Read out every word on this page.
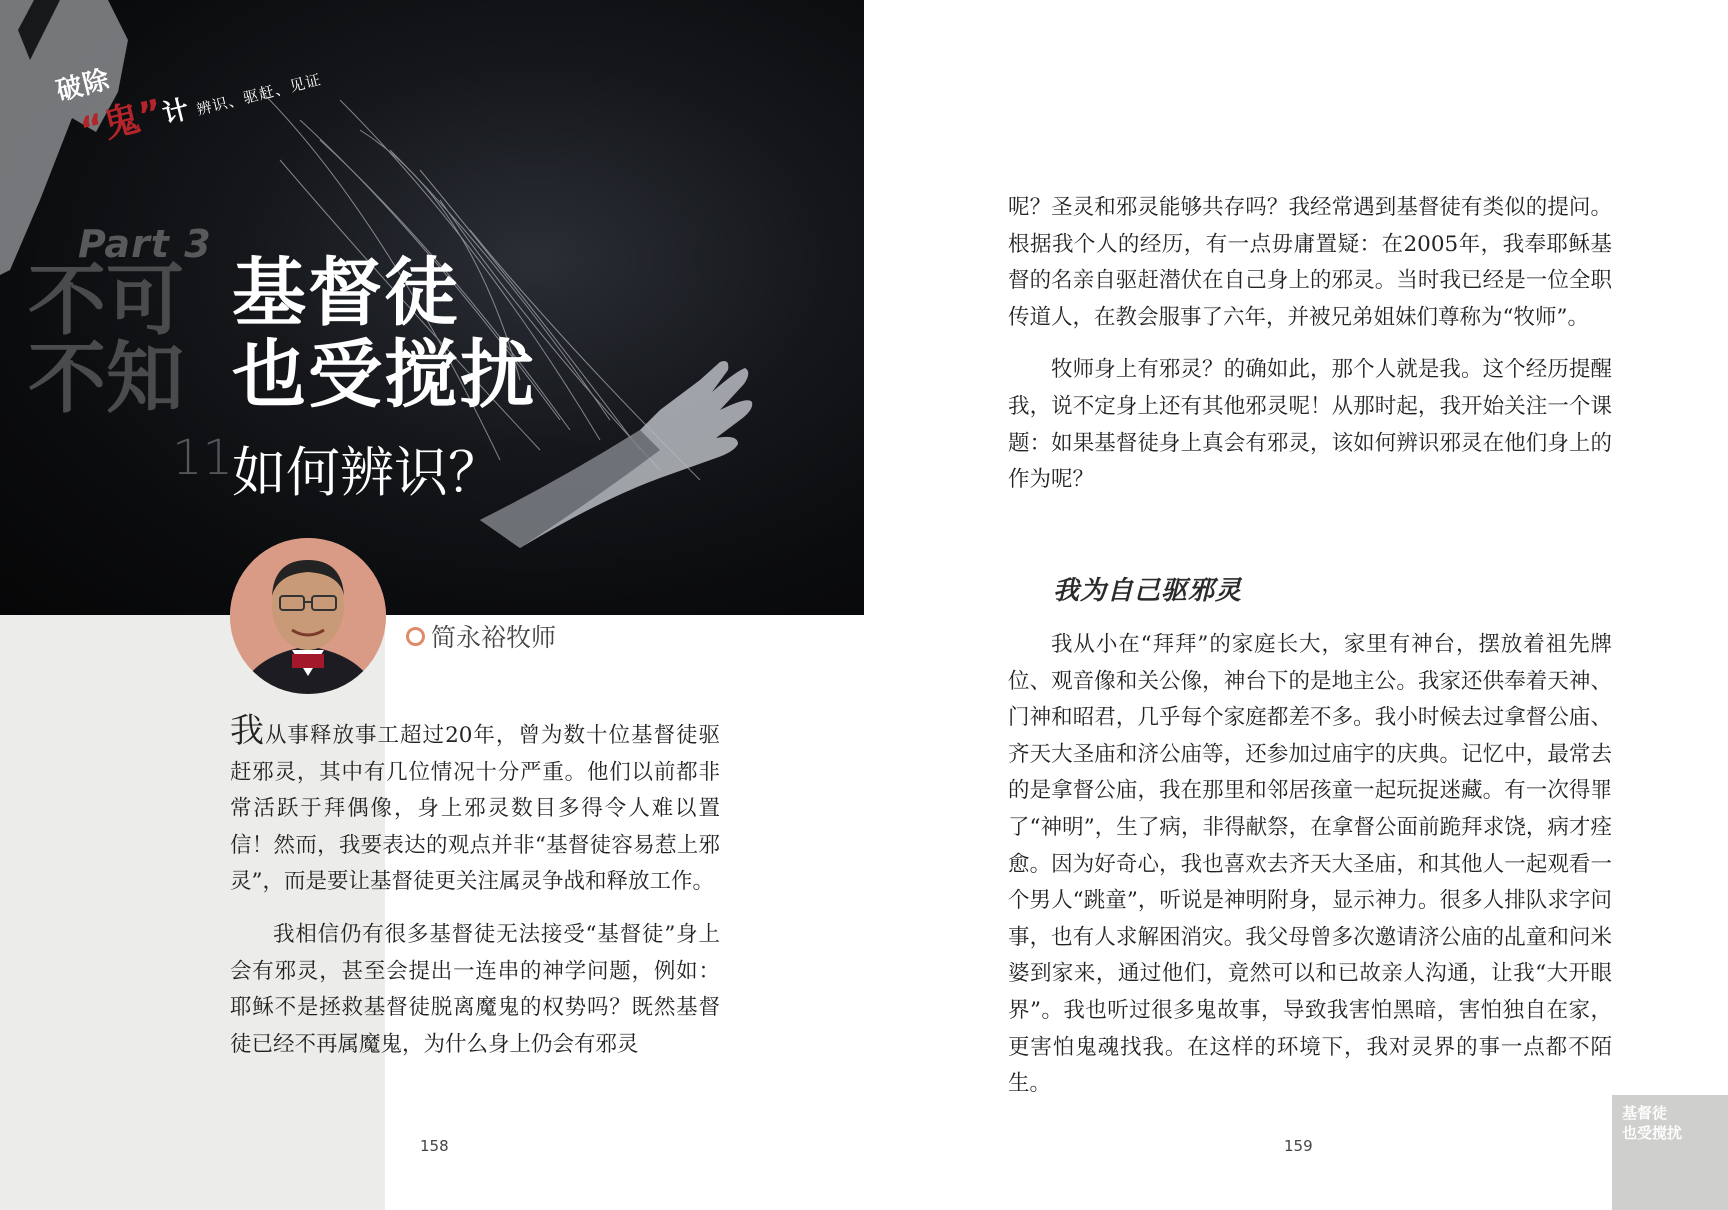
破除
“鬼”计 辨识、驱赶、见证
Part 3
不可不知
11
基督徒
也受搅扰
如何辨识？
简永裕牧师

我从事释放事工超过20年，曾为数十位基督徒驱赶邪灵，其中有几位情况十分严重。他们以前都非常活跃于拜偶像，身上邪灵数目多得令人难以置信！然而，我要表达的观点并非“基督徒容易惹上邪灵”，而是要让基督徒更关注属灵争战和释放工作。

我相信仍有很多基督徒无法接受“基督徒”身上会有邪灵，甚至会提出一连串的神学问题，例如：耶稣不是拯救基督徒脱离魔鬼的权势吗？既然基督徒已经不再属魔鬼，为什么身上仍会有邪灵

158

呢？圣灵和邪灵能够共存吗？我经常遇到基督徒有类似的提问。根据我个人的经历，有一点毋庸置疑：在2005年，我奉耶稣基督的名亲自驱赶潜伏在自己身上的邪灵。当时我已经是一位全职传道人，在教会服事了六年，并被兄弟姐妹们尊称为“牧师”。

牧师身上有邪灵？的确如此，那个人就是我。这个经历提醒我，说不定身上还有其他邪灵呢！从那时起，我开始关注一个课题：如果基督徒身上真会有邪灵，该如何辨识邪灵在他们身上的作为呢？

我为自己驱邪灵

我从小在“拜拜”的家庭长大，家里有神台，摆放着祖先牌位、观音像和关公像，神台下的是地主公。我家还供奉着天神、门神和昭君，几乎每个家庭都差不多。我小时候去过拿督公庙、齐天大圣庙和济公庙等，还参加过庙宇的庆典。记忆中，最常去的是拿督公庙，我在那里和邻居孩童一起玩捉迷藏。有一次得罪了“神明”，生了病，非得献祭，在拿督公面前跪拜求饶，病才痊愈。因为好奇心，我也喜欢去齐天大圣庙，和其他人一起观看一个男人“跳童”，听说是神明附身，显示神力。很多人排队求字问事，也有人求解困消灾。我父母曾多次邀请济公庙的乩童和问米婆到家来，通过他们，竟然可以和已故亲人沟通，让我“大开眼界”。我也听过很多鬼故事，导致我害怕黑暗，害怕独自在家，更害怕鬼魂找我。在这样的环境下，我对灵界的事一点都不陌生。

159
基督徒
也受搅扰
